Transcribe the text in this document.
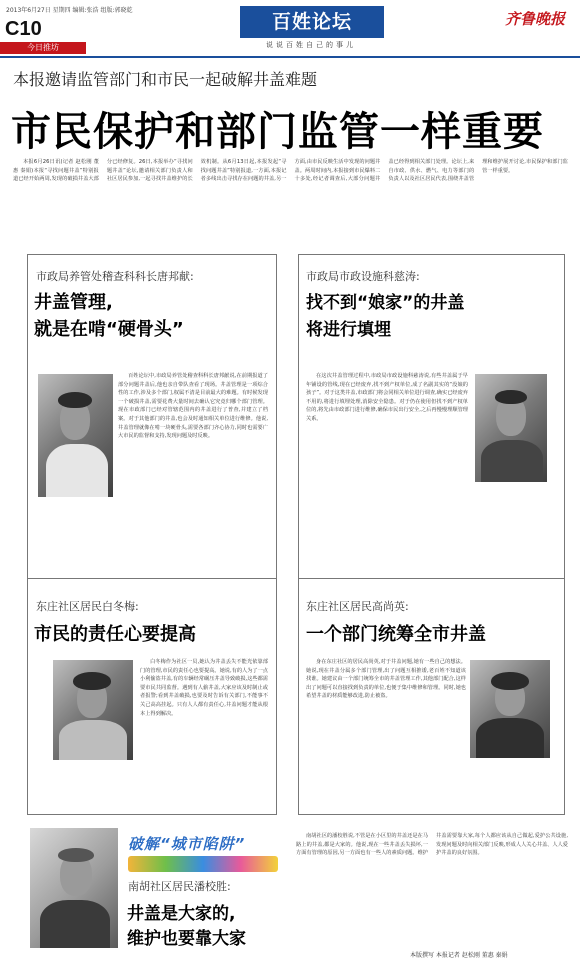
2013年6月27日 星期四 编辑:张浩 组版:郭晓乾
C10
今日推坊
百姓论坛
说说百姓自己的事儿
齐鲁晚报
本报邀请监管部门和市民一起破解井盖难题
市民保护和部门监管一样重要

本报6月26日讯(记者 赵松刚 董惠 秦娟)本报“寻找问题井盖”特别报道已经开始两周,发现的破损井盖大部分已经修复。26日,本报举办“寻找问题井盖”论坛,邀请相关部门负责人和社区居民参加,一起寻找井盖维护的长效机制。从6月13日起,本报发起“寻找问题井盖”特别报道,一方面,本报记者多线出击寻找存在问题的井盖,另一方面,由市民反映生活中发现的问题井盖。两周时间内,本报接到市民爆料二十多处,经记者调查后,大部分问题井盖已经得到相关部门处理。论坛上,来自市政、供水、燃气、电力等部门的负责人以及社区居民代表,围绕井盖管理和维护展开讨论,市民保护和部门监管一样重要。

市政局养管处稽查科科长唐邦献:
井盖管理,
就是在啃“硬骨头”

百姓论坛中,市政局养管处稽查科科长唐邦献说,在前期报道了部分问题井盖后,他也亲自带队查看了现场。井盖管理是一项综合性的工作,涉及多个部门,权属不清是目前最大的难题。有时候发现一个破损井盖,需要花费大量时间去确认它究竟归哪个部门管理。现在市政部门已经对管辖范围内的井盖进行了普查,并建立了档案。对于其他部门的井盖,也会及时通知相关单位进行维修。他说,井盖管理就像在啃一块硬骨头,需要各部门齐心协力,同时也需要广大市民的监督和支持,发现问题及时反映。

市政局市政设施科慈涛:
找不到“娘家”的井盖
将进行填埋

在这次井盖管理过程中,市政局市政设施科慈涛说,有些井盖属于早年铺设的管线,现在已经废弃,找不到产权单位,成了名副其实的“没娘的孩子”。对于这类井盖,市政部门将会同相关单位进行调查,确实已经废弃不用的,将进行填埋处理,消除安全隐患。对于仍在使用但找不到产权单位的,将先由市政部门进行维修,确保市民出行安全,之后再慢慢理顺管理关系。

东庄社区居民白冬梅:
市民的责任心要提高

白冬梅作为社区一员,她认为井盖丢失不能光依靠部门的管理,市民的责任心也要提高。她说,有的人为了一点小利偷盗井盖,有的车辆经常碾压井盖导致破损,这些都需要市民共同监督。遇到有人偷井盖,大家应该及时制止或者报警;看到井盖破损,也要及时告诉有关部门,不能事不关己高高挂起。只有人人都有责任心,井盖问题才能从根本上得到解决。

东庄社区居民高尚英:
一个部门统筹全市井盖

身在东庄社区的居民高尚英,对于井盖问题,她有一些自己的想法。她说,现在井盖分属多个部门管理,出了问题互相推诿,老百姓不知道该找谁。她建议由一个部门统筹全市的井盖管理工作,其他部门配合,这样出了问题可以直接找到负责的单位,也便于集中维修和管理。同时,她也希望井盖的材质能够改进,防止被盗。

破解“城市陷阱”
南胡社区居民潘校胜:
井盖是大家的,
维护也要靠大家

南胡社区的潘校胜说,不管是在小区里的井盖还是在马路上的井盖,都是大家的。他说,现在一些井盖丢失损坏,一方面有管理的原因,另一方面也有一些人的素质问题。维护井盖需要靠大家,每个人都应该从自己做起,爱护公共设施,发现问题及时向相关部门反映,形成人人关心井盖、人人爱护井盖的良好氛围。

本版撰写 本报记者 赵松刚 董惠 秦娟
